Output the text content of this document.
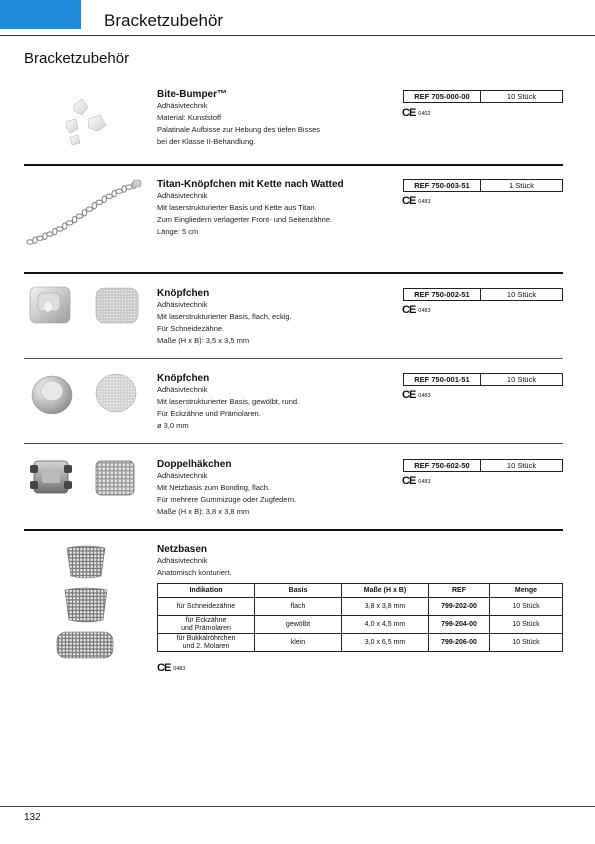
Bracketzubehör
Bracketzubehör
Bite-Bumper™
Adhäsivtechnik
Material: Kunststoff
Palatinale Aufbisse zur Hebung des tiefen Bisses
bei der Klasse II-Behandlung.
REF 705-000-00	10 Stück
CE 0402
Titan-Knöpfchen mit Kette nach Watted
Adhäsivtechnik
Mit laserstrukturierter Basis und Kette aus Titan.
Zum Eingliedern verlagerter Front- und Seitenzähne.
Länge: 5 cm
REF 750-003-51	1 Stück
CE 0483
Knöpfchen
Adhäsivtechnik
Mit laserstrukturierter Basis, flach, eckig.
Für Schneidezähne.
Maße (H x B): 3,5 x 3,5 mm
REF 750-002-51	10 Stück
CE 0483
Knöpfchen
Adhäsivtechnik
Mit laserstrukturierter Basis, gewölbt, rund.
Für Eckzähne und Prämolaren.
ø 3,0 mm
REF 750-001-51	10 Stück
CE 0483
Doppelhäkchen
Adhäsivtechnik
Mit Netzbasis zum Bonding, flach.
Für mehrere Gummizüge oder Zugfedern.
Maße (H x B): 3,8 x 3,8 mm
REF 750-602-50	10 Stück
CE 0483
Netzbasen
Adhäsivtechnik
Anatomisch konturiert.
Indikation	Basis	Maße (H x B)	REF	Menge
für Schneidezähne	flach	3,8 x 3,8 mm	799-202-00	10 Stück
für Eckzähne
und Prämolaren	gewölbt	4,0 x 4,5 mm	799-204-00	10 Stück
für Bukkalröhrchen
und 2. Molaren	klein	3,0 x 6,5 mm	799-206-00	10 Stück
CE 0483
132
